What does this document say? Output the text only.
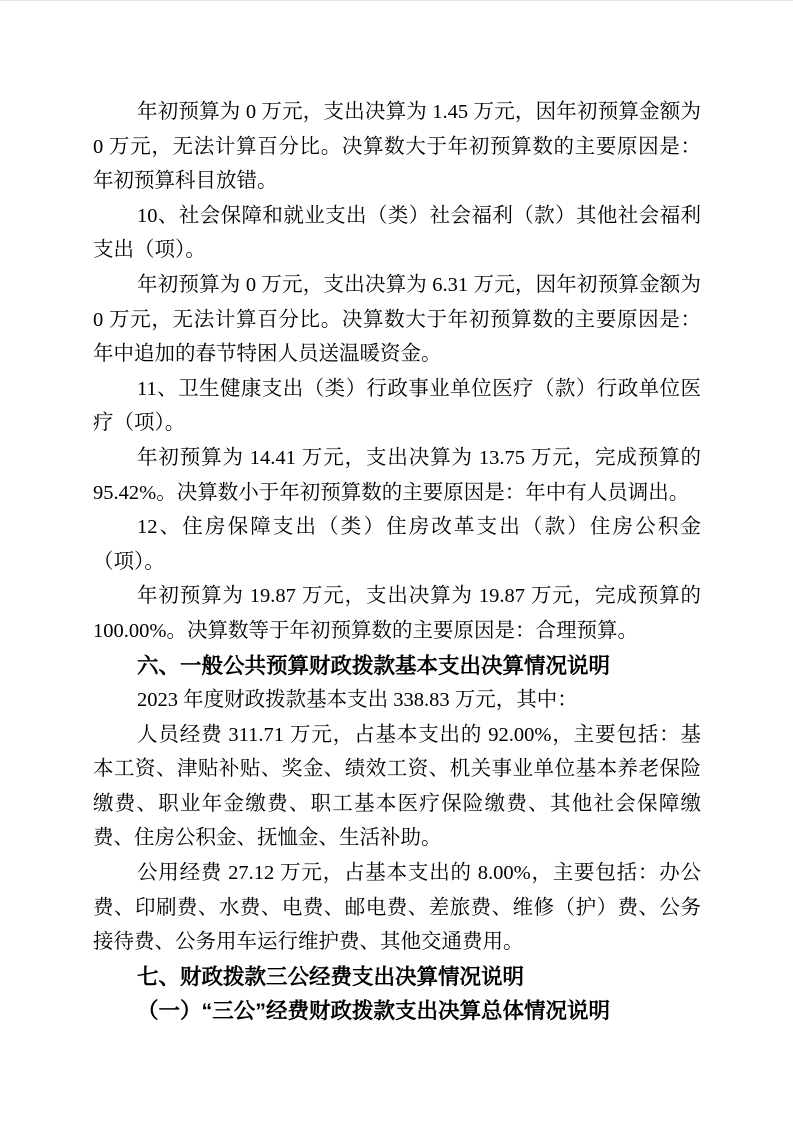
年初预算为 0 万元，支出决算为 1.45 万元，因年初预算金额为 0 万元，无法计算百分比。决算数大于年初预算数的主要原因是：年初预算科目放错。

10、社会保障和就业支出（类）社会福利（款）其他社会福利支出（项）。

年初预算为 0 万元，支出决算为 6.31 万元，因年初预算金额为 0 万元，无法计算百分比。决算数大于年初预算数的主要原因是：年中追加的春节特困人员送温暖资金。

11、卫生健康支出（类）行政事业单位医疗（款）行政单位医疗（项）。

年初预算为 14.41 万元，支出决算为 13.75 万元，完成预算的 95.42%。决算数小于年初预算数的主要原因是：年中有人员调出。

12、住房保障支出（类）住房改革支出（款）住房公积金（项）。

年初预算为 19.87 万元，支出决算为 19.87 万元，完成预算的 100.00%。决算数等于年初预算数的主要原因是：合理预算。

六、一般公共预算财政拨款基本支出决算情况说明

2023 年度财政拨款基本支出 338.83 万元，其中：

人员经费 311.71 万元，占基本支出的 92.00%，主要包括：基本工资、津贴补贴、奖金、绩效工资、机关事业单位基本养老保险缴费、职业年金缴费、职工基本医疗保险缴费、其他社会保障缴费、住房公积金、抚恤金、生活补助。

公用经费 27.12 万元，占基本支出的 8.00%，主要包括：办公费、印刷费、水费、电费、邮电费、差旅费、维修（护）费、公务接待费、公务用车运行维护费、其他交通费用。

七、财政拨款三公经费支出决算情况说明

（一）“三公”经费财政拨款支出决算总体情况说明
